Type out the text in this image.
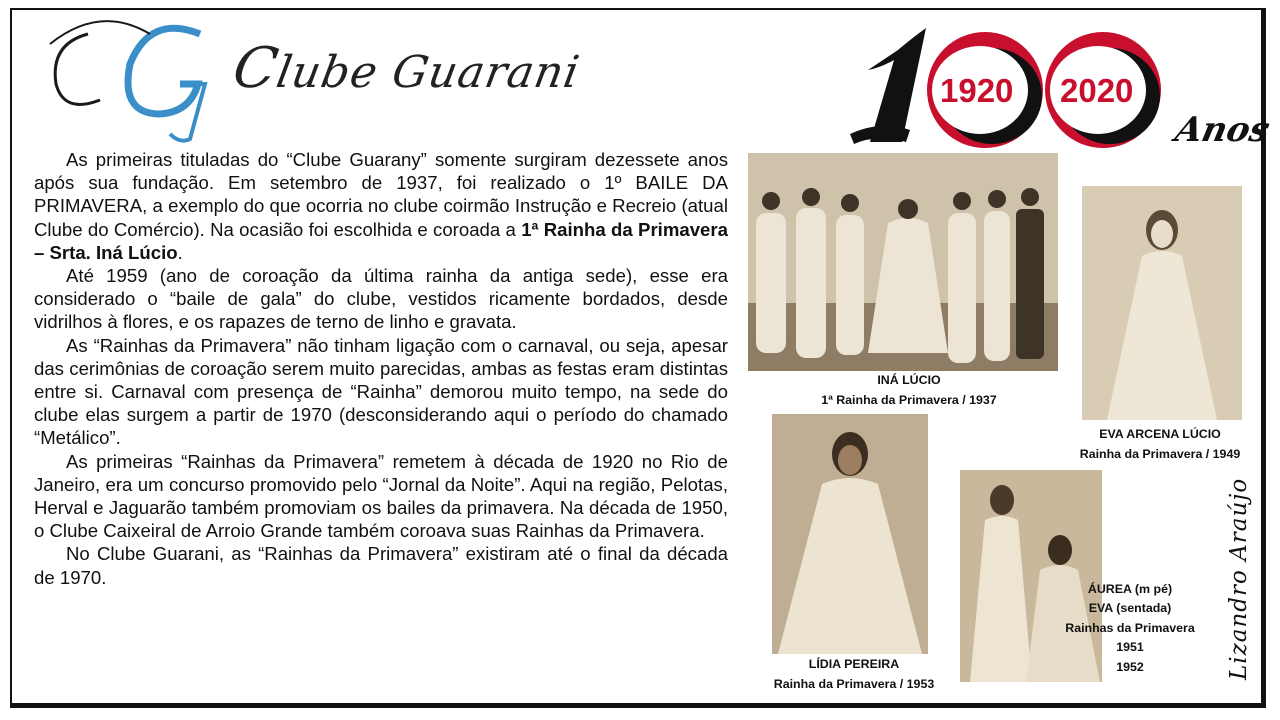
Clube Guarani	1920 2020
Anos

As primeiras tituladas do “Clube Guarany” somente surgiram dezessete anos após sua fundação. Em setembro de 1937, foi realizado o 1º BAILE DA PRIMAVERA, a exemplo do que ocorria no clube coirmão Instrução e Recreio (atual Clube do Comércio). Na ocasião foi escolhida e coroada a 1ª Rainha da Primavera – Srta. Iná Lúcio.

Até 1959 (ano de coroação da última rainha da antiga sede), esse era considerado o “baile de gala” do clube, vestidos ricamente bordados, desde vidrilhos à flores, e os rapazes de terno de linho e gravata.

As “Rainhas da Primavera” não tinham ligação com o carnaval, ou seja, apesar das cerimônias de coroação serem muito parecidas, ambas as festas eram distintas entre si. Carnaval com presença de “Rainha” demorou muito tempo, na sede do clube elas surgem a partir de 1970 (desconsiderando aqui o período do chamado “Metálico”.

As primeiras “Rainhas da Primavera” remetem à década de 1920 no Rio de Janeiro, era um concurso promovido pelo “Jornal da Noite”. Aqui na região, Pelotas, Herval e Jaguarão também promoviam os bailes da primavera. Na década de 1950, o Clube Caixeiral de Arroio Grande também coroava suas Rainhas da Primavera.

No Clube Guarani, as “Rainhas da Primavera” existiram até o final da década de 1970.

INÁ LÚCIO
1ª Rainha da Primavera / 1937
EVA ARCENA LÚCIO
Rainha da Primavera / 1949
LÍDIA PEREIRA
Rainha da Primavera / 1953
ÁUREA (m pé)
EVA (sentada)
Rainhas da Primavera
1951
1952	Lizandro Araújo
